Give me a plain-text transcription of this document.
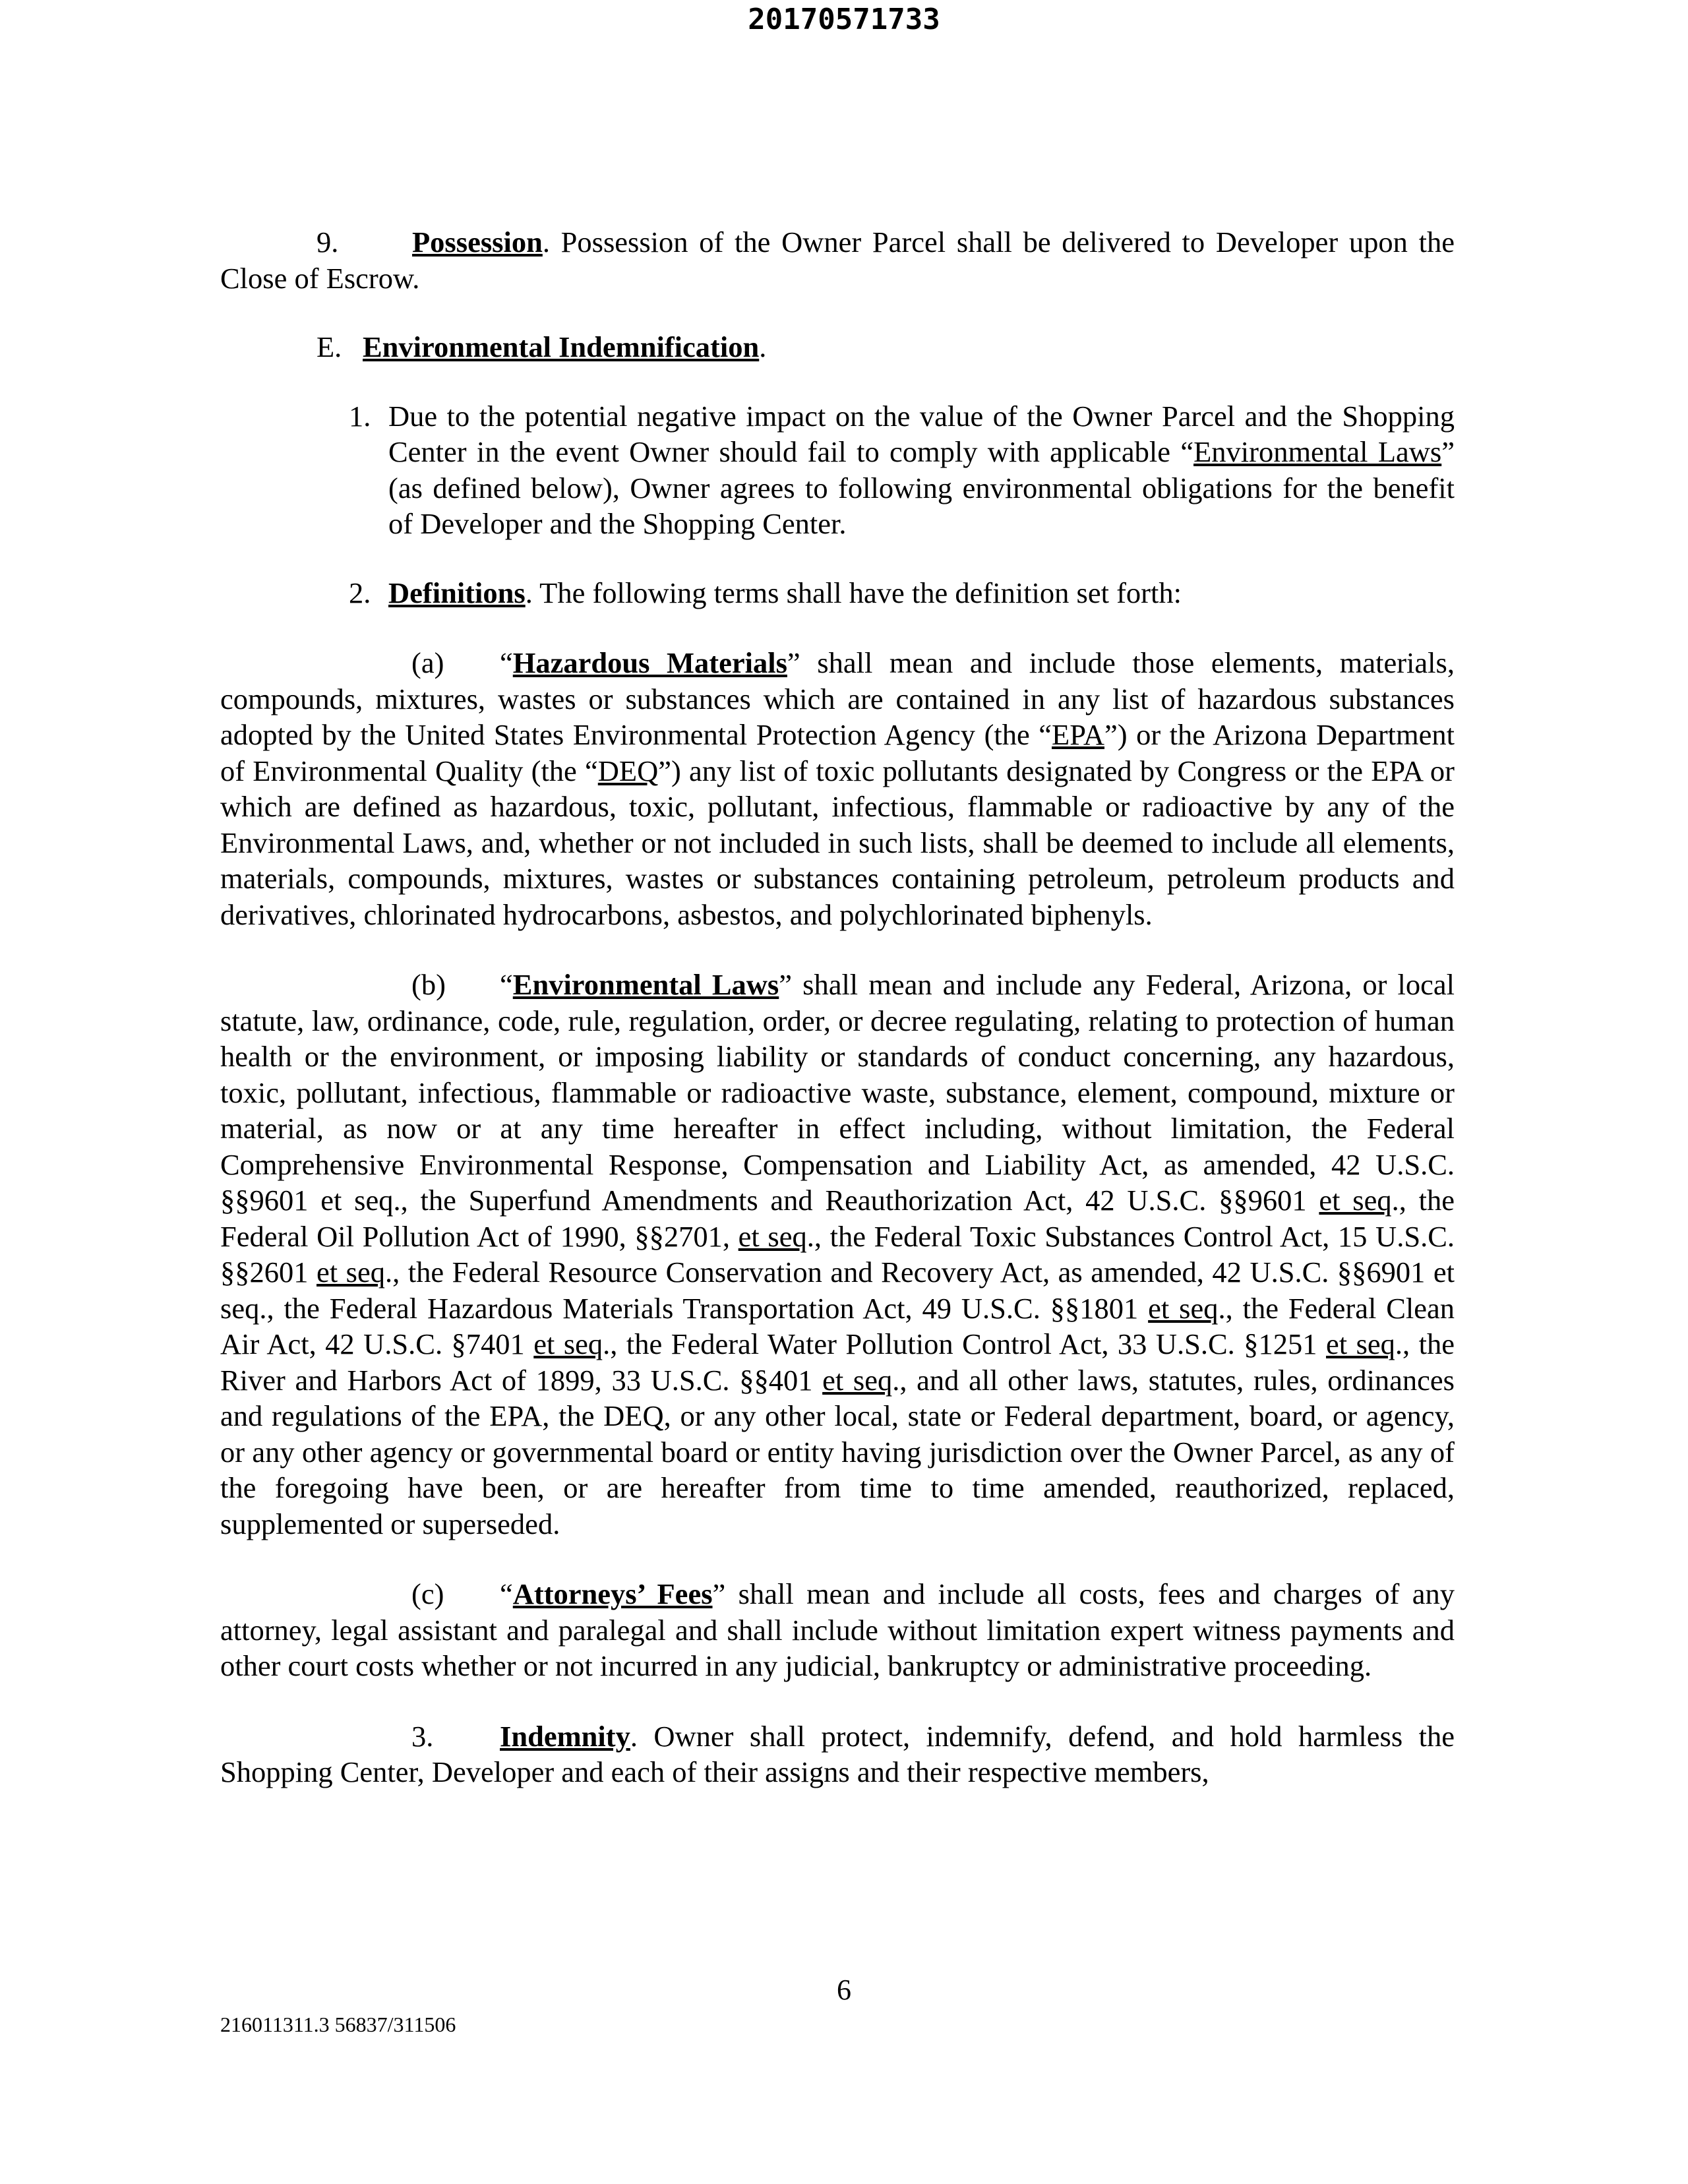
20170571733

9.	Possession. Possession of the Owner Parcel shall be delivered to Developer upon the Close of Escrow.

E. Environmental Indemnification.

1. Due to the potential negative impact on the value of the Owner Parcel and the Shopping Center in the event Owner should fail to comply with applicable “Environmental Laws” (as defined below), Owner agrees to following environmental obligations for the benefit of Developer and the Shopping Center.
2. Definitions. The following terms shall have the definition set forth:

(a) “Hazardous Materials” shall mean and include those elements, materials, compounds, mixtures, wastes or substances which are contained in any list of hazardous substances adopted by the United States Environmental Protection Agency (the “EPA”) or the Arizona Department of Environmental Quality (the “DEQ”) any list of toxic pollutants designated by Congress or the EPA or which are defined as hazardous, toxic, pollutant, infectious, flammable or radioactive by any of the Environmental Laws, and, whether or not included in such lists, shall be deemed to include all elements, materials, compounds, mixtures, wastes or substances containing petroleum, petroleum products and derivatives, chlorinated hydrocarbons, asbestos, and polychlorinated biphenyls.

(b) “Environmental Laws” shall mean and include any Federal, Arizona, or local statute, law, ordinance, code, rule, regulation, order, or decree regulating, relating to protection of human health or the environment, or imposing liability or standards of conduct concerning, any hazardous, toxic, pollutant, infectious, flammable or radioactive waste, substance, element, compound, mixture or material, as now or at any time hereafter in effect including, without limitation, the Federal Comprehensive Environmental Response, Compensation and Liability Act, as amended, 42 U.S.C. §§9601 et seq., the Superfund Amendments and Reauthorization Act, 42 U.S.C. §§9601 et seq., the Federal Oil Pollution Act of 1990, §§2701, et seq., the Federal Toxic Substances Control Act, 15 U.S.C. §§2601 et seq., the Federal Resource Conservation and Recovery Act, as amended, 42 U.S.C. §§6901 et seq., the Federal Hazardous Materials Transportation Act, 49 U.S.C. §§1801 et seq., the Federal Clean Air Act, 42 U.S.C. §7401 et seq., the Federal Water Pollution Control Act, 33 U.S.C. §1251 et seq., the River and Harbors Act of 1899, 33 U.S.C. §§401 et seq., and all other laws, statutes, rules, ordinances and regulations of the EPA, the DEQ, or any other local, state or Federal department, board, or agency, or any other agency or governmental board or entity having jurisdiction over the Owner Parcel, as any of the foregoing have been, or are hereafter from time to time amended, reauthorized, replaced, supplemented or superseded.

(c) “Attorneys’ Fees” shall mean and include all costs, fees and charges of any attorney, legal assistant and paralegal and shall include without limitation expert witness payments and other court costs whether or not incurred in any judicial, bankruptcy or administrative proceeding.

3. Indemnity. Owner shall protect, indemnify, defend, and hold harmless the Shopping Center, Developer and each of their assigns and their respective members,

6
216011311.3 56837/311506
